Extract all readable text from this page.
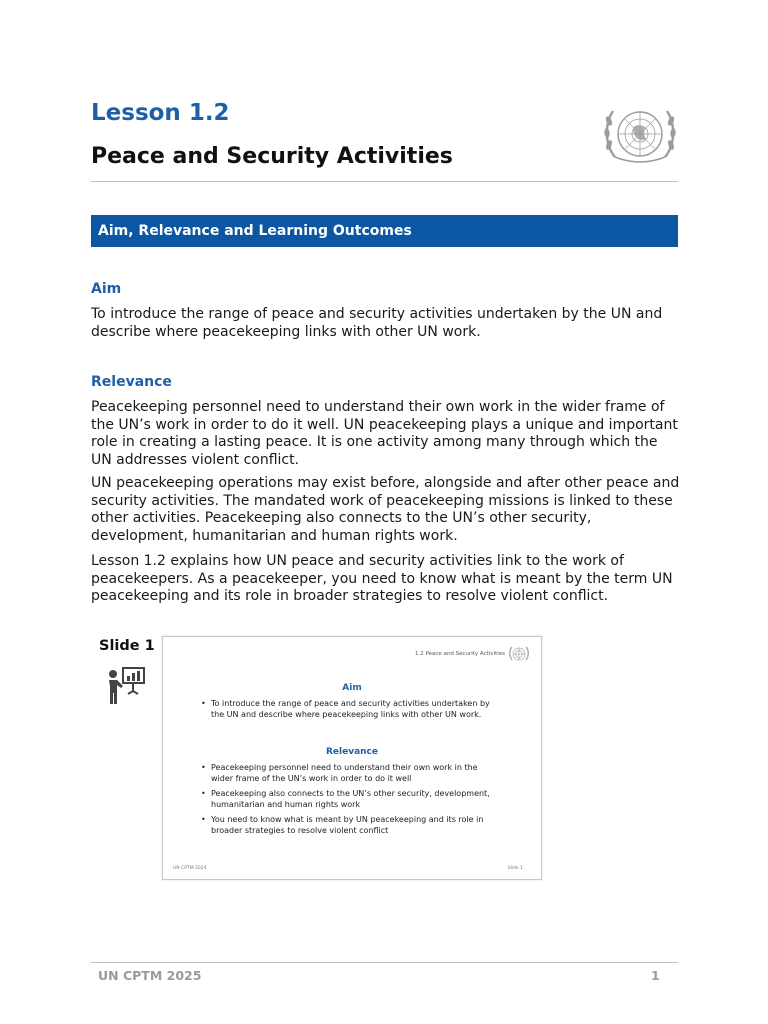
Lesson 1.2
Peace and Security Activities
Aim, Relevance and Learning Outcomes
Aim

To introduce the range of peace and security activities undertaken by the UN and describe where peacekeeping links with other UN work.

Relevance

Peacekeeping personnel need to understand their own work in the wider frame of the UN’s work in order to do it well. UN peacekeeping plays a unique and important role in creating a lasting peace. It is one activity among many through which the UN addresses violent conflict.

UN peacekeeping operations may exist before, alongside and after other peace and security activities. The mandated work of peacekeeping missions is linked to these other activities. Peacekeeping also connects to the UN’s other security, development, humanitarian and human rights work.

Lesson 1.2 explains how UN peace and security activities link to the work of peacekeepers. As a peacekeeper, you need to know what is meant by the term UN peacekeeping and its role in broader strategies to resolve violent conflict.

Slide 1	1.2 Peace and Security Activities
Aim
• To introduce the range of peace and security activities undertaken by the UN and describe where peacekeeping links with other UN work.
Relevance
• Peacekeeping personnel need to understand their own work in the wider frame of the UN’s work in order to do it well
• Peacekeeping also connects to the UN’s other security, development, humanitarian and human rights work
• You need to know what is meant by UN peacekeeping and its role in broader strategies to resolve violent conflict
UN CPTM 2024	Slide 1
UN CPTM 2025	1
